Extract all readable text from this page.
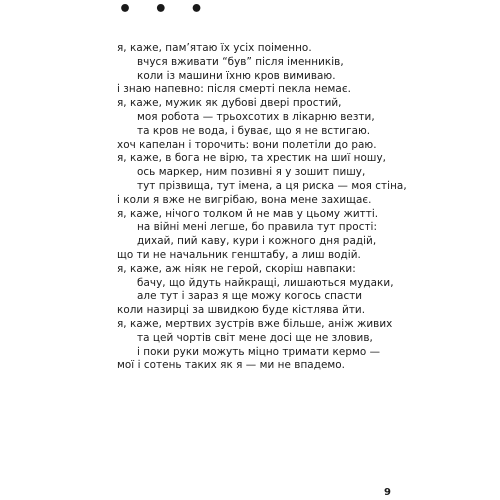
• • •
я, каже, пам’ятаю їх усіх поіменно.
вчуся вживати “був” після іменників,
коли із машини їхню кров вимиваю.
і знаю напевно: після смерті пекла немає.
я, каже, мужик як дубові двері простий,
моя робота — трьохсотих в лікарню везти,
та кров не вода, і буває, що я не встигаю.
хоч капелан і торочить: вони полетіли до раю.
я, каже, в бога не вірю, та хрестик на шиї ношу,
ось маркер, ним позивні я у зошит пишу,
тут прізвища, тут імена, а ця риска — моя стіна,
і коли я вже не вигрібаю, вона мене захищає.
я, каже, нічого толком й не мав у цьому житті.
на війні мені легше, бо правила тут прості:
дихай, пий каву, кури і кожного дня радій,
що ти не начальник генштабу, а лиш водій.
я, каже, аж ніяк не герой, скоріш навпаки:
бачу, що йдуть найкращі, лишаються мудаки,
але тут і зараз я ще можу когось спасти
коли назирці за швидкою буде кістлява йти.
я, каже, мертвих зустрів вже більше, аніж живих
та цей чортів світ мене досі ще не зловив,
і поки руки можуть міцно тримати кермо —
мої і сотень таких як я — ми не впадемо.
9
